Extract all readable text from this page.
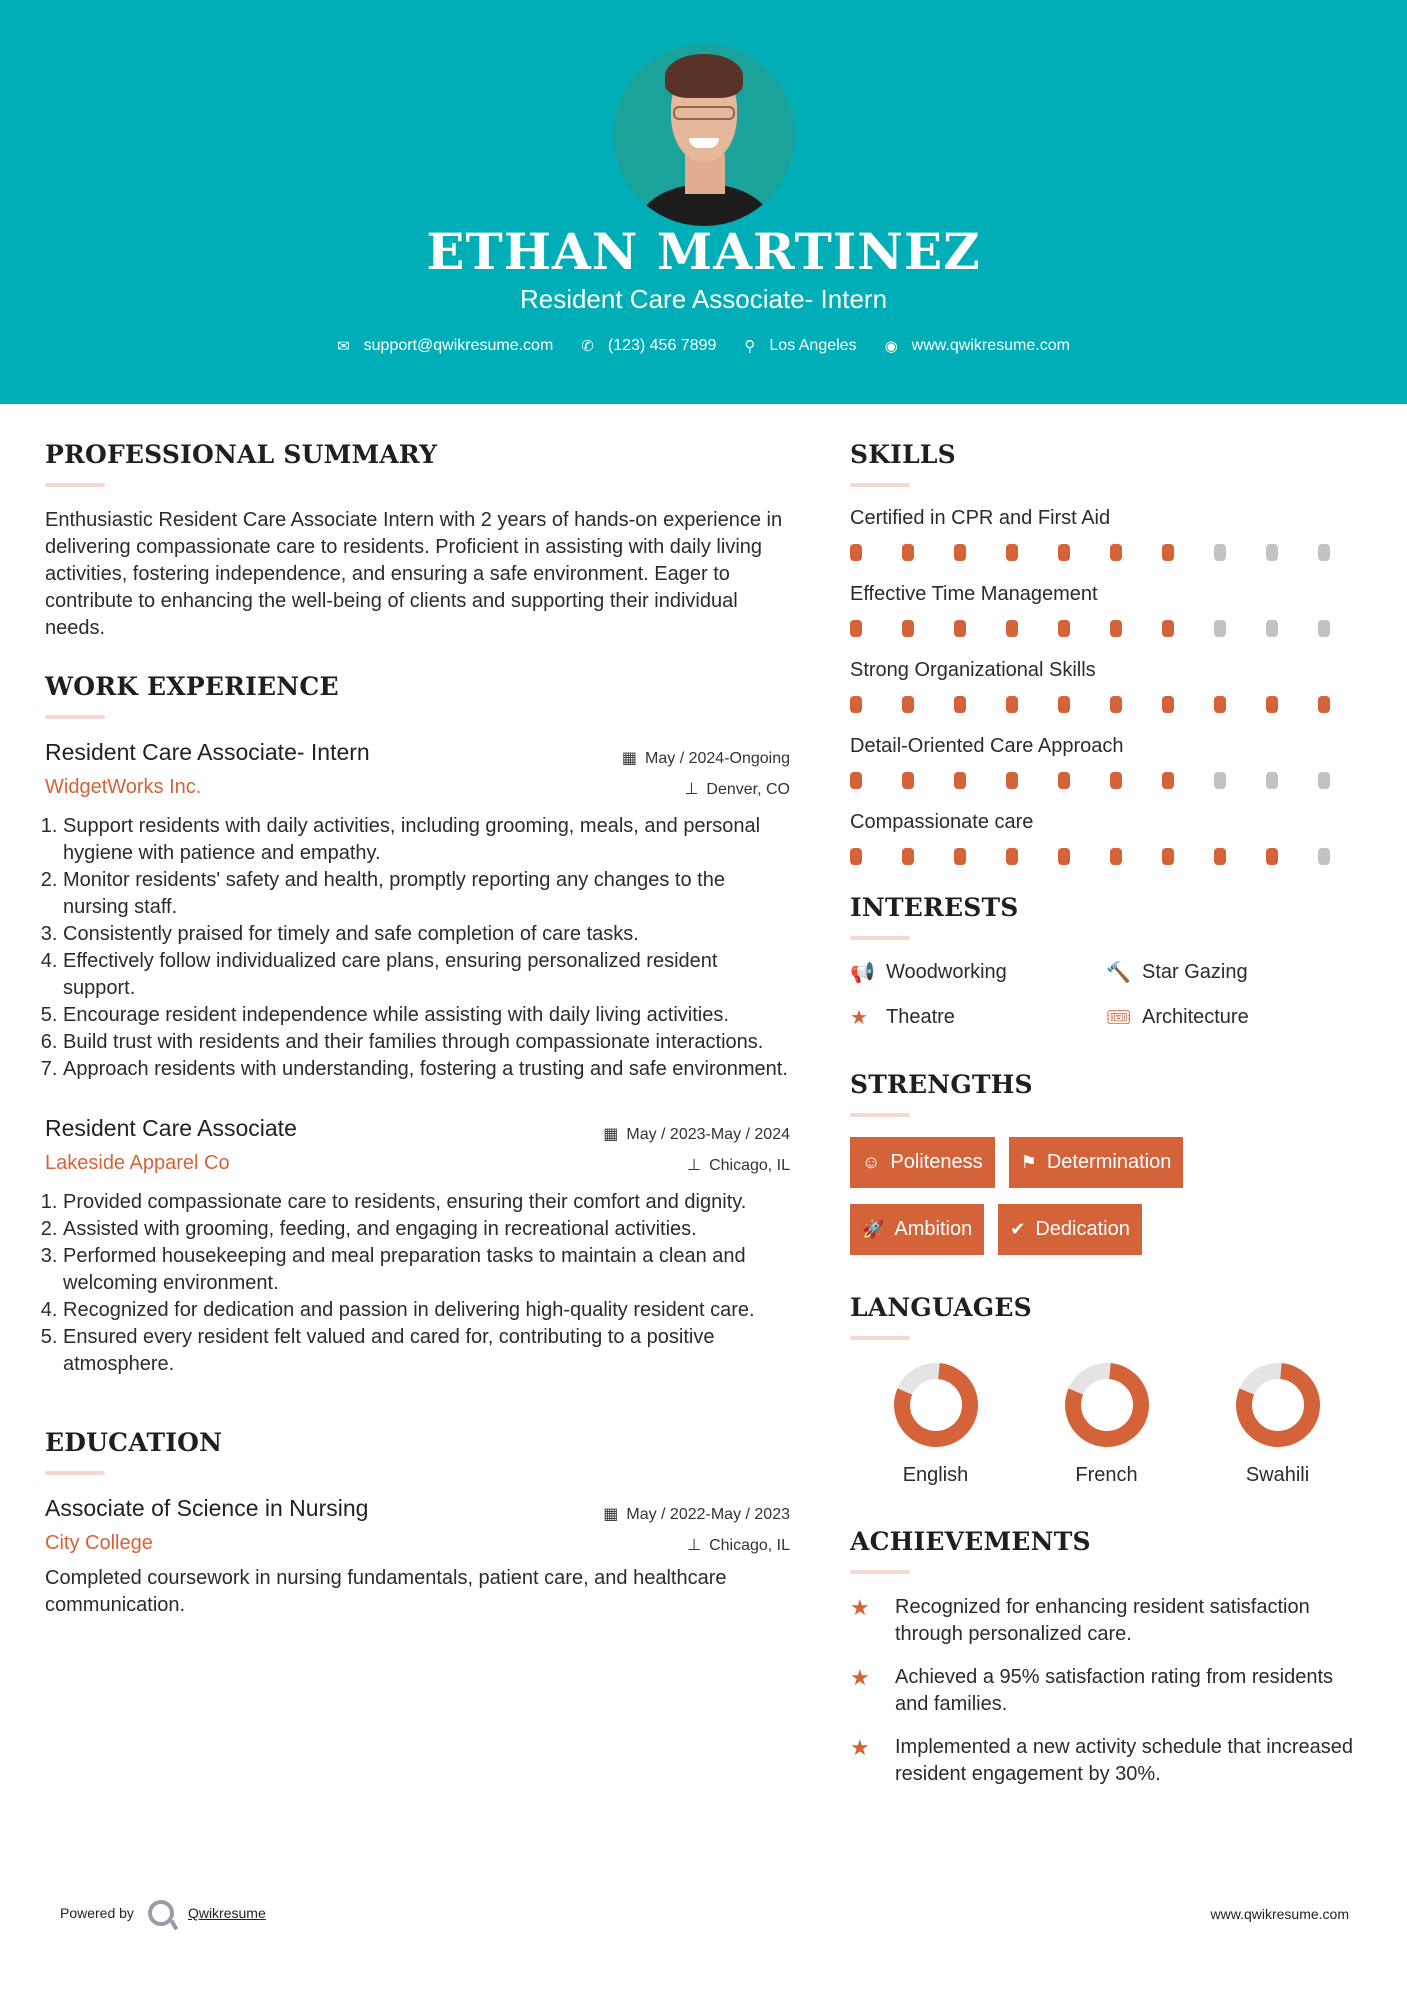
ETHAN MARTINEZ
Resident Care Associate- Intern
✉ support@qwikresume.com ✆ (123) 456 7899 ⚲ Los Angeles ◉ www.qwikresume.com
PROFESSIONAL SUMMARY

Enthusiastic Resident Care Associate Intern with 2 years of hands-on experience in delivering compassionate care to residents. Proficient in assisting with daily living activities, fostering independence, and ensuring a safe environment. Eager to contribute to enhancing the well-being of clients and supporting their individual needs.

WORK EXPERIENCE
Resident Care Associate- Intern
WidgetWorks Inc.
▦ May / 2024-Ongoing
⊥ Denver, CO
1. Support residents with daily activities, including grooming, meals, and personal hygiene with patience and empathy.
2. Monitor residents' safety and health, promptly reporting any changes to the nursing staff.
3. Consistently praised for timely and safe completion of care tasks.
4. Effectively follow individualized care plans, ensuring personalized resident support.
5. Encourage resident independence while assisting with daily living activities.
6. Build trust with residents and their families through compassionate interactions.
7. Approach residents with understanding, fostering a trusting and safe environment.
Resident Care Associate
Lakeside Apparel Co
▦ May / 2023-May / 2024
⊥ Chicago, IL
1. Provided compassionate care to residents, ensuring their comfort and dignity.
2. Assisted with grooming, feeding, and engaging in recreational activities.
3. Performed housekeeping and meal preparation tasks to maintain a clean and welcoming environment.
4. Recognized for dedication and passion in delivering high-quality resident care.
5. Ensured every resident felt valued and cared for, contributing to a positive atmosphere.
EDUCATION
Associate of Science in Nursing
City College
▦ May / 2022-May / 2023
⊥ Chicago, IL

Completed coursework in nursing fundamentals, patient care, and healthcare communication.

SKILLS
Certified in CPR and First Aid
Effective Time Management
Strong Organizational Skills
Detail-Oriented Care Approach
Compassionate care
INTERESTS
📢 Woodworking	🔨 Star Gazing
★ Theatre	🎟 Architecture
STRENGTHS
☺ Politeness ⚑ Determination
🚀 Ambition ✔ Dedication
LANGUAGES
English	French	Swahili
ACHIEVEMENTS
★	Recognized for enhancing resident satisfaction through personalized care.
★	Achieved a 95% satisfaction rating from residents and families.
★	Implemented a new activity schedule that increased resident engagement by 30%.
Powered by	Qwikresume	www.qwikresume.com
